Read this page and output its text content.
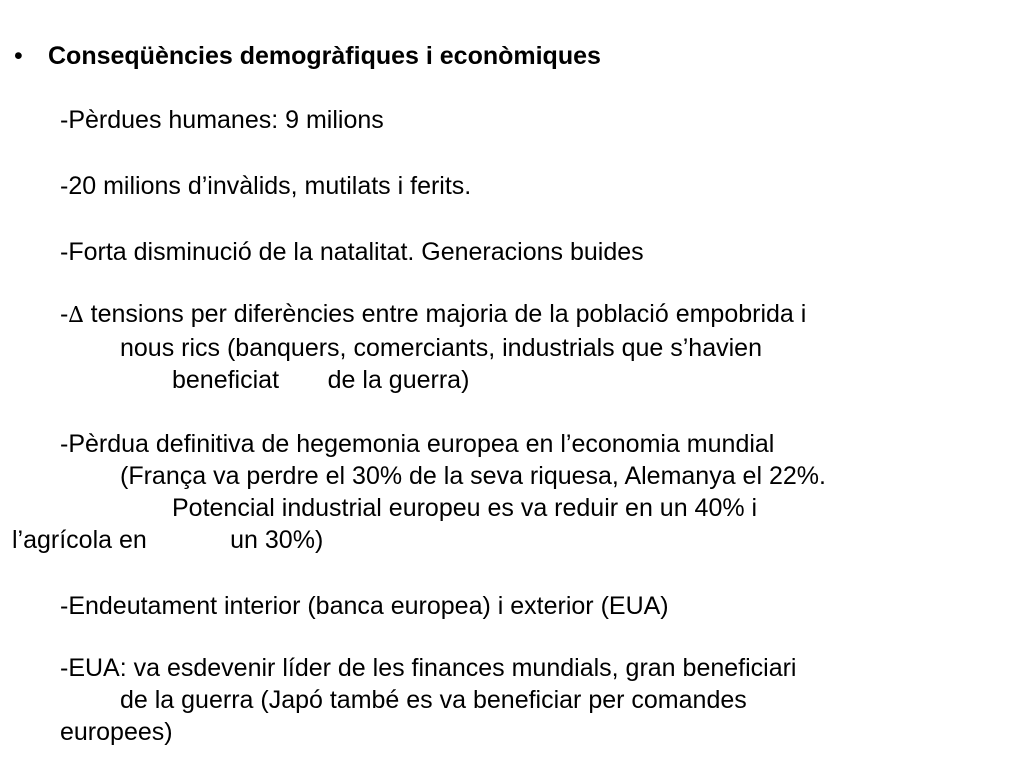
• Conseqüències demogràfiques i econòmiques

-Pèrdues humanes: 9 milions

-20 milions d’invàlids, mutilats i ferits.

-Forta disminució de la natalitat. Generacions buides

-∆ tensions per diferències entre majoria de la població empobrida i
nous rics (banquers, comerciants, industrials que s’havien
beneficiat       de la guerra)

-Pèrdua definitiva de hegemonia europea en l’economia mundial
(França va perdre el 30% de la seva riquesa, Alemanya el 22%.
Potencial industrial europeu es va reduir en un 40% i
l’agrícola en            un 30%)

-Endeutament interior (banca europea) i exterior (EUA)

-EUA: va esdevenir líder de les finances mundials, gran beneficiari
de la guerra (Japó també es va beneficiar per comandes
europees)
